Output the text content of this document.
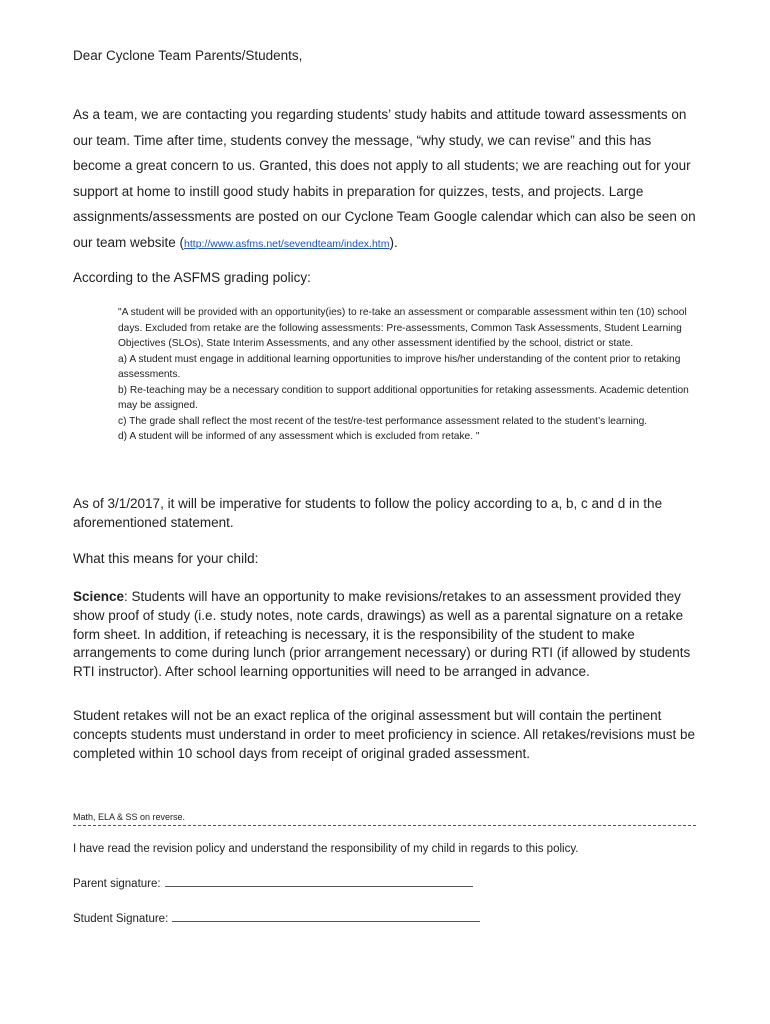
Dear Cyclone Team Parents/Students,
As a team, we are contacting you regarding students’ study habits and attitude toward assessments on our team. Time after time, students convey the message, “why study, we can revise” and this has become a great concern to us. Granted, this does not apply to all students; we are reaching out for your support at home to instill good study habits in preparation for quizzes, tests, and projects. Large assignments/assessments are posted on our Cyclone Team Google calendar which can also be seen on our team website (http://www.asfms.net/sevendteam/index.htm).
According to the ASFMS grading policy:

"A student will be provided with an opportunity(ies) to re-take an assessment or comparable assessment within ten (10) school days. Excluded from retake are the following assessments: Pre-assessments, Common Task Assessments, Student Learning Objectives (SLOs), State Interim Assessments, and any other assessment identified by the school, district or state.

a) A student must engage in additional learning opportunities to improve his/her understanding of the content prior to retaking assessments.

b) Re-teaching may be a necessary condition to support additional opportunities for retaking assessments. Academic detention may be assigned.

c) The grade shall reflect the most recent of the test/re-test performance assessment related to the student’s learning.

d) A student will be informed of any assessment which is excluded from retake. "

As of 3/1/2017, it will be imperative for students to follow the policy according to a, b, c and d in the aforementioned statement.
What this means for your child:
Science: Students will have an opportunity to make revisions/retakes to an assessment provided they show proof of study (i.e. study notes, note cards, drawings) as well as a parental signature on a retake form sheet. In addition, if reteaching is necessary, it is the responsibility of the student to make arrangements to come during lunch (prior arrangement necessary) or during RTI (if allowed by students RTI instructor). After school learning opportunities will need to be arranged in advance.
Student retakes will not be an exact replica of the original assessment but will contain the pertinent concepts students must understand in order to meet proficiency in science. All retakes/revisions must be completed within 10 school days from receipt of original graded assessment.
Math, ELA & SS on reverse.
I have read the revision policy and understand the responsibility of my child in regards to this policy.
Parent signature:
Student Signature:
